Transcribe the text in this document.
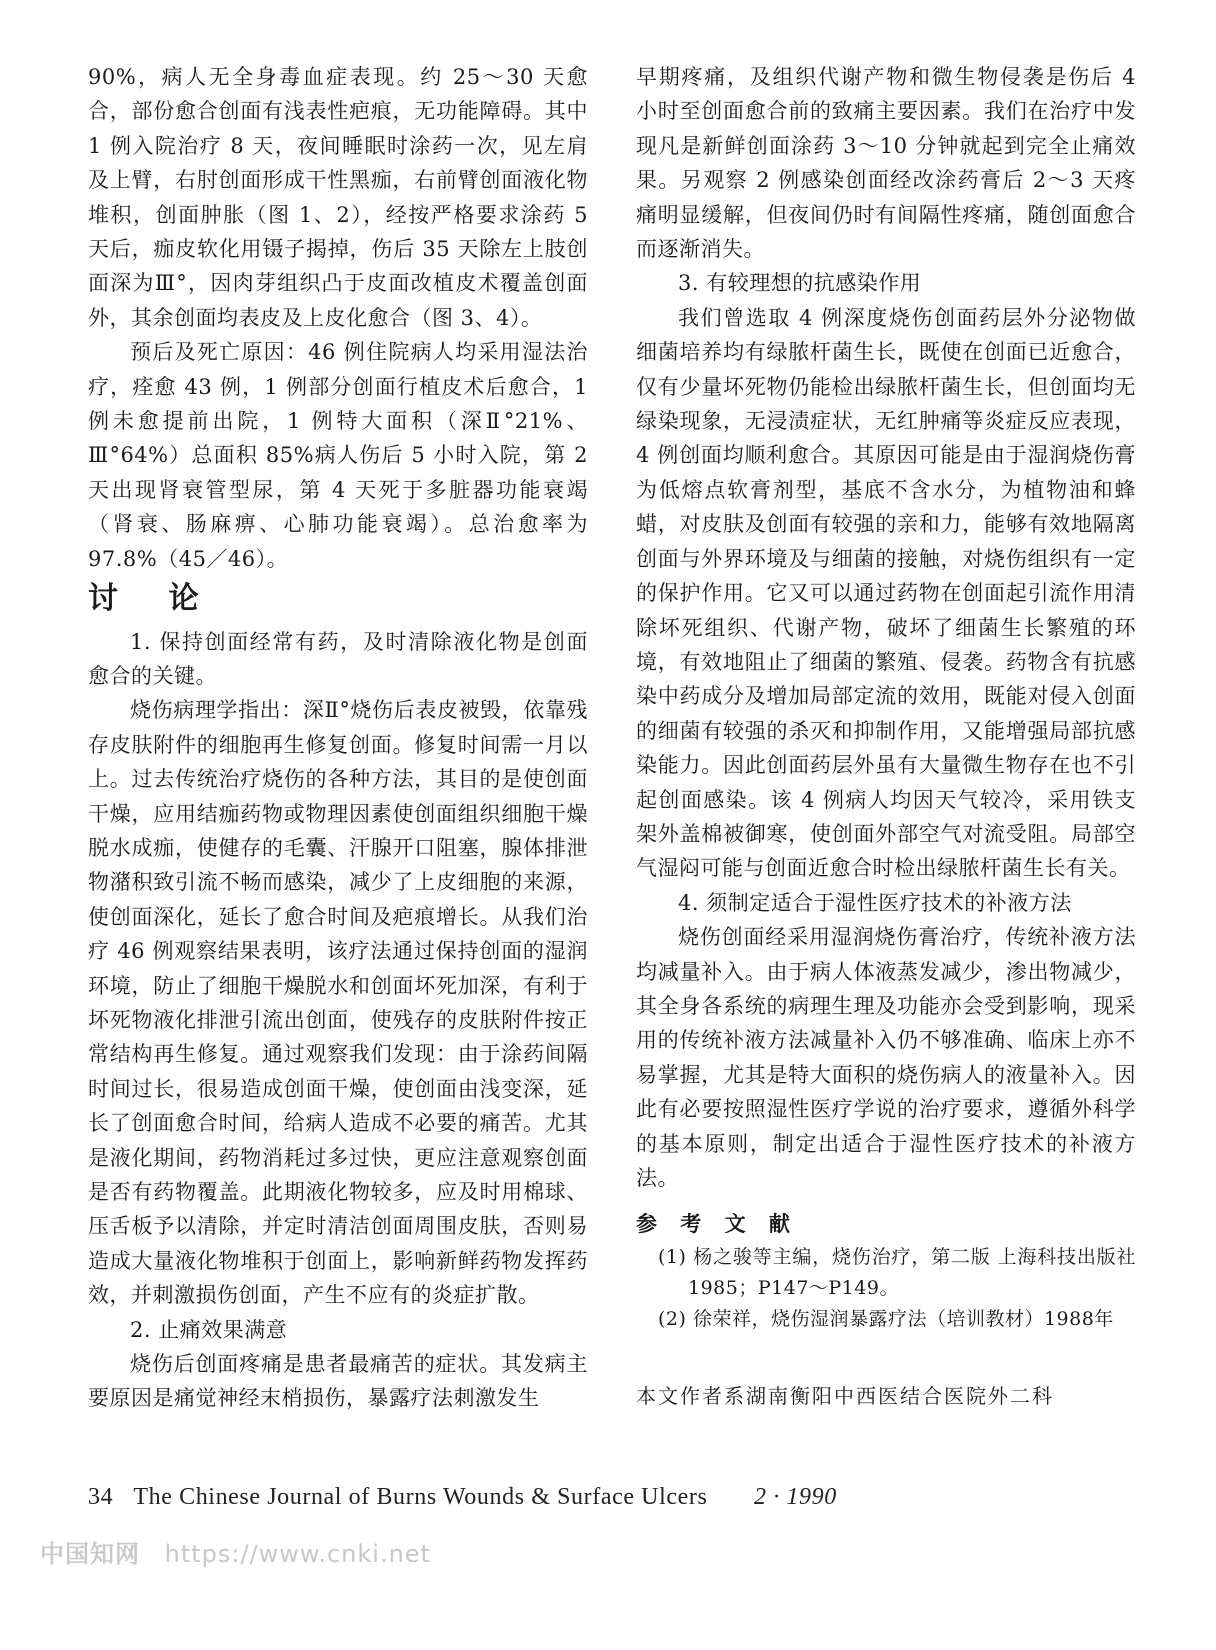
90%，病人无全身毒血症表现。约 25～30 天愈合，部份愈合创面有浅表性疤痕，无功能障碍。其中 1 例入院治疗 8 天，夜间睡眠时涂药一次，见左肩及上臂，右肘创面形成干性黑痂，右前臂创面液化物堆积，创面肿胀（图 1、2），经按严格要求涂药 5 天后，痂皮软化用镊子揭掉，伤后 35 天除左上肢创面深为Ⅲ°，因肉芽组织凸于皮面改植皮术覆盖创面外，其余创面均表皮及上皮化愈合（图 3、4）。

预后及死亡原因：46 例住院病人均采用湿法治疗，痊愈 43 例，1 例部分创面行植皮术后愈合，1 例未愈提前出院，1 例特大面积（深Ⅱ°21%、Ⅲ°64%）总面积 85%病人伤后 5 小时入院，第 2 天出现肾衰管型尿，第 4 天死于多脏器功能衰竭（肾衰、肠麻痹、心肺功能衰竭）。总治愈率为 97.8%（45／46）。

讨 论

1. 保持创面经常有药，及时清除液化物是创面愈合的关键。

烧伤病理学指出：深Ⅱ°烧伤后表皮被毁，依靠残存皮肤附件的细胞再生修复创面。修复时间需一月以上。过去传统治疗烧伤的各种方法，其目的是使创面干燥，应用结痂药物或物理因素使创面组织细胞干燥脱水成痂，使健存的毛囊、汗腺开口阻塞，腺体排泄物潴积致引流不畅而感染，减少了上皮细胞的来源，使创面深化，延长了愈合时间及疤痕增长。从我们治疗 46 例观察结果表明，该疗法通过保持创面的湿润环境，防止了细胞干燥脱水和创面坏死加深，有利于坏死物液化排泄引流出创面，使残存的皮肤附件按正常结构再生修复。通过观察我们发现：由于涂药间隔时间过长，很易造成创面干燥，使创面由浅变深，延长了创面愈合时间，给病人造成不必要的痛苦。尤其是液化期间，药物消耗过多过快，更应注意观察创面是否有药物覆盖。此期液化物较多，应及时用棉球、压舌板予以清除，并定时清洁创面周围皮肤，否则易造成大量液化物堆积于创面上，影响新鲜药物发挥药效，并刺激损伤创面，产生不应有的炎症扩散。

2. 止痛效果满意

烧伤后创面疼痛是患者最痛苦的症状。其发病主要原因是痛觉神经末梢损伤，暴露疗法刺激发生

早期疼痛，及组织代谢产物和微生物侵袭是伤后 4 小时至创面愈合前的致痛主要因素。我们在治疗中发现凡是新鲜创面涂药 3～10 分钟就起到完全止痛效果。另观察 2 例感染创面经改涂药膏后 2～3 天疼痛明显缓解，但夜间仍时有间隔性疼痛，随创面愈合而逐渐消失。

3. 有较理想的抗感染作用

我们曾选取 4 例深度烧伤创面药层外分泌物做细菌培养均有绿脓杆菌生长，既使在创面已近愈合，仅有少量坏死物仍能检出绿脓杆菌生长，但创面均无绿染现象，无浸渍症状，无红肿痛等炎症反应表现，4 例创面均顺利愈合。其原因可能是由于湿润烧伤膏为低熔点软膏剂型，基底不含水分，为植物油和蜂蜡，对皮肤及创面有较强的亲和力，能够有效地隔离创面与外界环境及与细菌的接触，对烧伤组织有一定的保护作用。它又可以通过药物在创面起引流作用清除坏死组织、代谢产物，破坏了细菌生长繁殖的环境，有效地阻止了细菌的繁殖、侵袭。药物含有抗感染中药成分及增加局部定流的效用，既能对侵入创面的细菌有较强的杀灭和抑制作用，又能增强局部抗感染能力。因此创面药层外虽有大量微生物存在也不引起创面感染。该 4 例病人均因天气较冷，采用铁支架外盖棉被御寒，使创面外部空气对流受阻。局部空气湿闷可能与创面近愈合时检出绿脓杆菌生长有关。

4. 须制定适合于湿性医疗技术的补液方法

烧伤创面经采用湿润烧伤膏治疗，传统补液方法均减量补入。由于病人体液蒸发减少，渗出物减少，其全身各系统的病理生理及功能亦会受到影响，现采用的传统补液方法减量补入仍不够准确、临床上亦不易掌握，尤其是特大面积的烧伤病人的液量补入。因此有必要按照湿性医疗学说的治疗要求，遵循外科学的基本原则，制定出适合于湿性医疗技术的补液方法。

参 考 文 献

(1) 杨之骏等主编，烧伤治疗，第二版 上海科技出版社 1985；P147～P149。

(2) 徐荣祥，烧伤湿润暴露疗法（培训教材）1988年

本文作者系湖南衡阳中西医结合医院外二科

34 The Chinese Journal of Burns Wounds & Surface Ulcers 2 · 1990
中国知网 https://www.cnki.net
